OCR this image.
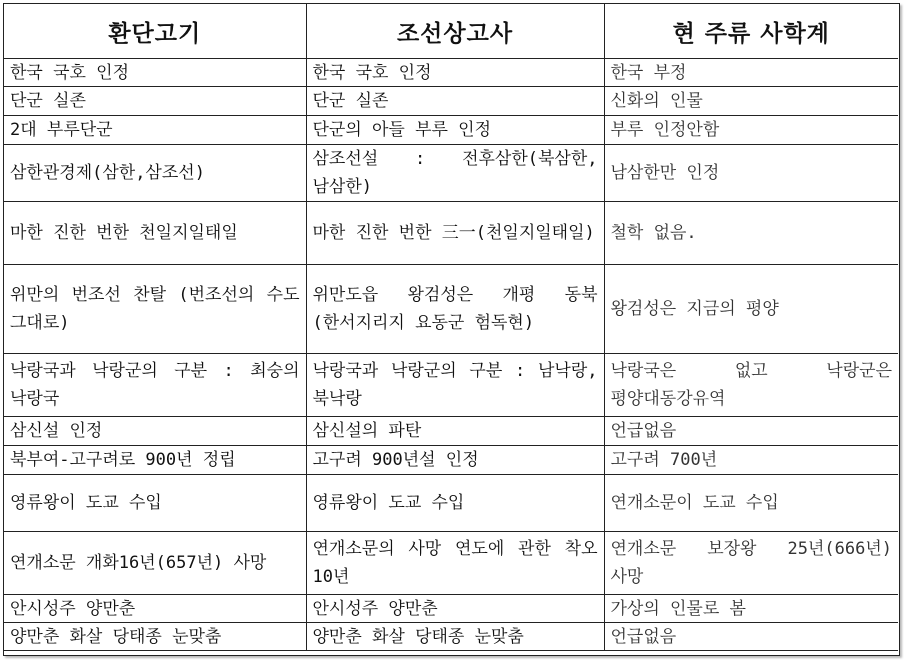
환단고기	조선상고사	현 주류 사학계
한국 국호 인정	한국 국호 인정	한국 부정
단군 실존	단군 실존	신화의 인물
2대 부루단군	단군의 아들 부루 인정	부루 인정안함
삼한관경제(삼한,삼조선)	삼조선설 : 전후삼한(북삼한, 남삼한)	남삼한만 인정
마한 진한 번한 천일지일태일	마한 진한 번한 三一(천일지일태일)	철학 없음.
위만의 번조선 찬탈 (번조선의 수도 그대로)	위만도읍 왕검성은 개평 동북 (한서지리지 요동군 험독현)	왕검성은 지금의 평양
낙랑국과 낙랑군의 구분 : 최숭의 낙랑국	낙랑국과 낙랑군의 구분 : 남낙랑,북낙랑	낙랑국은 없고 낙랑군은 평양대동강유역
삼신설 인정	삼신설의 파탄	언급없음
북부여-고구려로 900년 정립	고구려 900년설 인정	고구려 700년
영류왕이 도교 수입	영류왕이 도교 수입	연개소문이 도교 수입
연개소문 개화16년(657년) 사망	연개소문의 사망 연도에 관한 착오 10년	연개소문 보장왕 25년(666년) 사망
안시성주 양만춘	안시성주 양만춘	가상의 인물로 봄
양만춘 화살 당태종 눈맞춤	양만춘 화살 당태종 눈맞춤	언급없음
